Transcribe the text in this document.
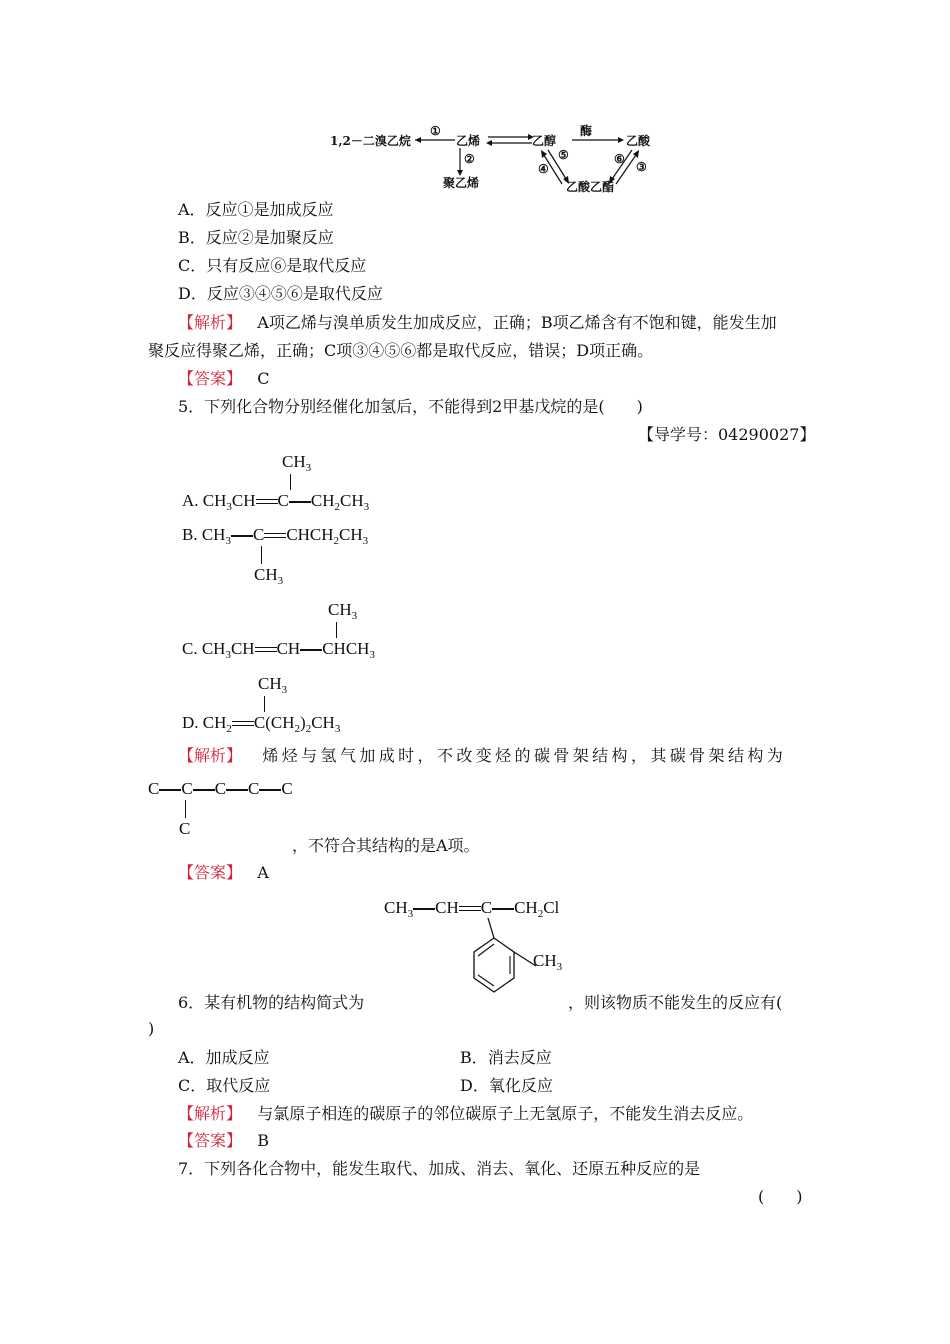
1,2－二溴乙烷
①
乙烯
②
聚乙烯
乙醇
酶
乙酸
⑤
④
⑥
③
乙酸乙酯
A．反应①是加成反应
B．反应②是加聚反应
C．只有反应⑥是取代反应
D．反应③④⑤⑥是取代反应
【解析】 A项乙烯与溴单质发生加成反应，正确；B项乙烯含有不饱和键，能发生加
聚反应得聚乙烯，正确；C项③④⑤⑥都是取代反应，错误；D项正确。
【答案】 C
5．下列化合物分别经催化加氢后，不能得到2甲基戊烷的是(　　)
【导学号：04290027】
$CH_3$
A. $CH_3CH$ C $CH_2CH_3$
B. $CH_3$ C $CHCH_2CH_3$
$CH_3$
$CH_3$
C. $CH_3CH$ CH $CHCH_3$
$CH_3$
D. $CH_2$ $C(CH_2)_2CH_3$
【解析】 烯烃与氢气加成时，不改变烃的碳骨架结构，其碳骨架结构为
C C C C C
C
，不符合其结构的是A项。
【答案】 A
$CH_3$ CH C $CH_2Cl$
$CH_3$
6．某有机物的结构简式为	，则该物质不能发生的反应有(
)
A．加成反应	B．消去反应
C．取代反应	D．氧化反应
【解析】 与氯原子相连的碳原子的邻位碳原子上无氢原子，不能发生消去反应。
【答案】 B
7．下列各化合物中，能发生取代、加成、消去、氧化、还原五种反应的是
(　　)
